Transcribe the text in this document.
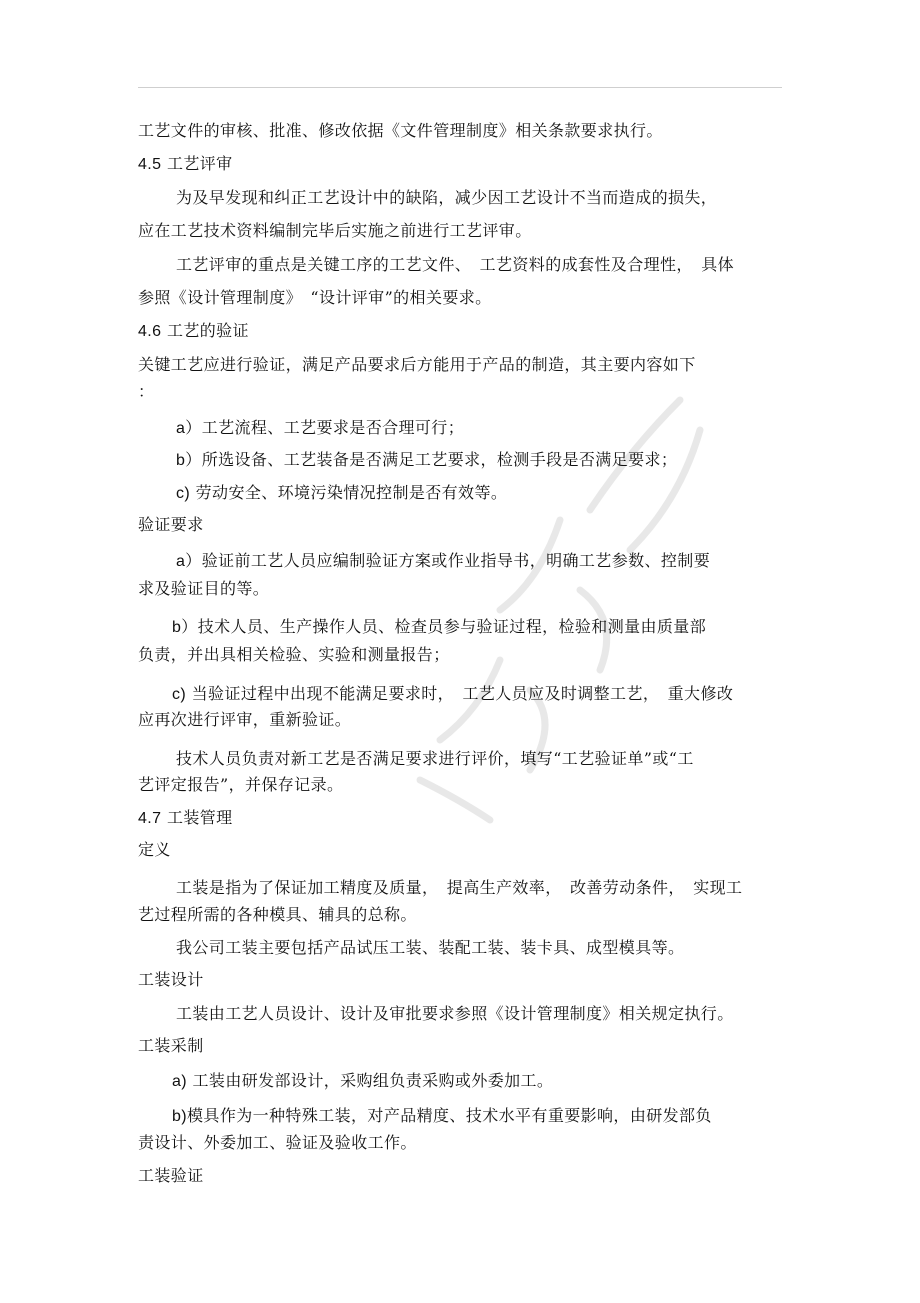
工艺文件的审核、批准、修改依据《文件管理制度》相关条款要求执行。
4.5 工艺评审
为及早发现和纠正工艺设计中的缺陷，减少因工艺设计不当而造成的损失，
应在工艺技术资料编制完毕后实施之前进行工艺评审。
工艺评审的重点是关键工序的工艺文件、　工艺资料的成套性及合理性，　具体
参照《设计管理制度》　“设计评审”的相关要求。
4.6 工艺的验证
关键工艺应进行验证，满足产品要求后方能用于产品的制造，其主要内容如下
：
a）工艺流程、工艺要求是否合理可行；
b）所选设备、工艺装备是否满足工艺要求，检测手段是否满足要求；
c) 劳动安全、环境污染情况控制是否有效等。
验证要求
a）验证前工艺人员应编制验证方案或作业指导书，明确工艺参数、控制要
求及验证目的等。
b）技术人员、生产操作人员、检查员参与验证过程，检验和测量由质量部
负责，并出具相关检验、实验和测量报告；
c) 当验证过程中出现不能满足要求时，　工艺人员应及时调整工艺，　重大修改
应再次进行评审，重新验证。
技术人员负责对新工艺是否满足要求进行评价，填写“工艺验证单”或“工
艺评定报告”，并保存记录。
4.7 工装管理
定义
工装是指为了保证加工精度及质量，　提高生产效率，　改善劳动条件，　实现工
艺过程所需的各种模具、辅具的总称。
我公司工装主要包括产品试压工装、装配工装、装卡具、成型模具等。
工装设计
工装由工艺人员设计、设计及审批要求参照《设计管理制度》相关规定执行。
工装采制
a) 工装由研发部设计，采购组负责采购或外委加工。
b)模具作为一种特殊工装，对产品精度、技术水平有重要影响，由研发部负
责设计、外委加工、验证及验收工作。
工装验证
